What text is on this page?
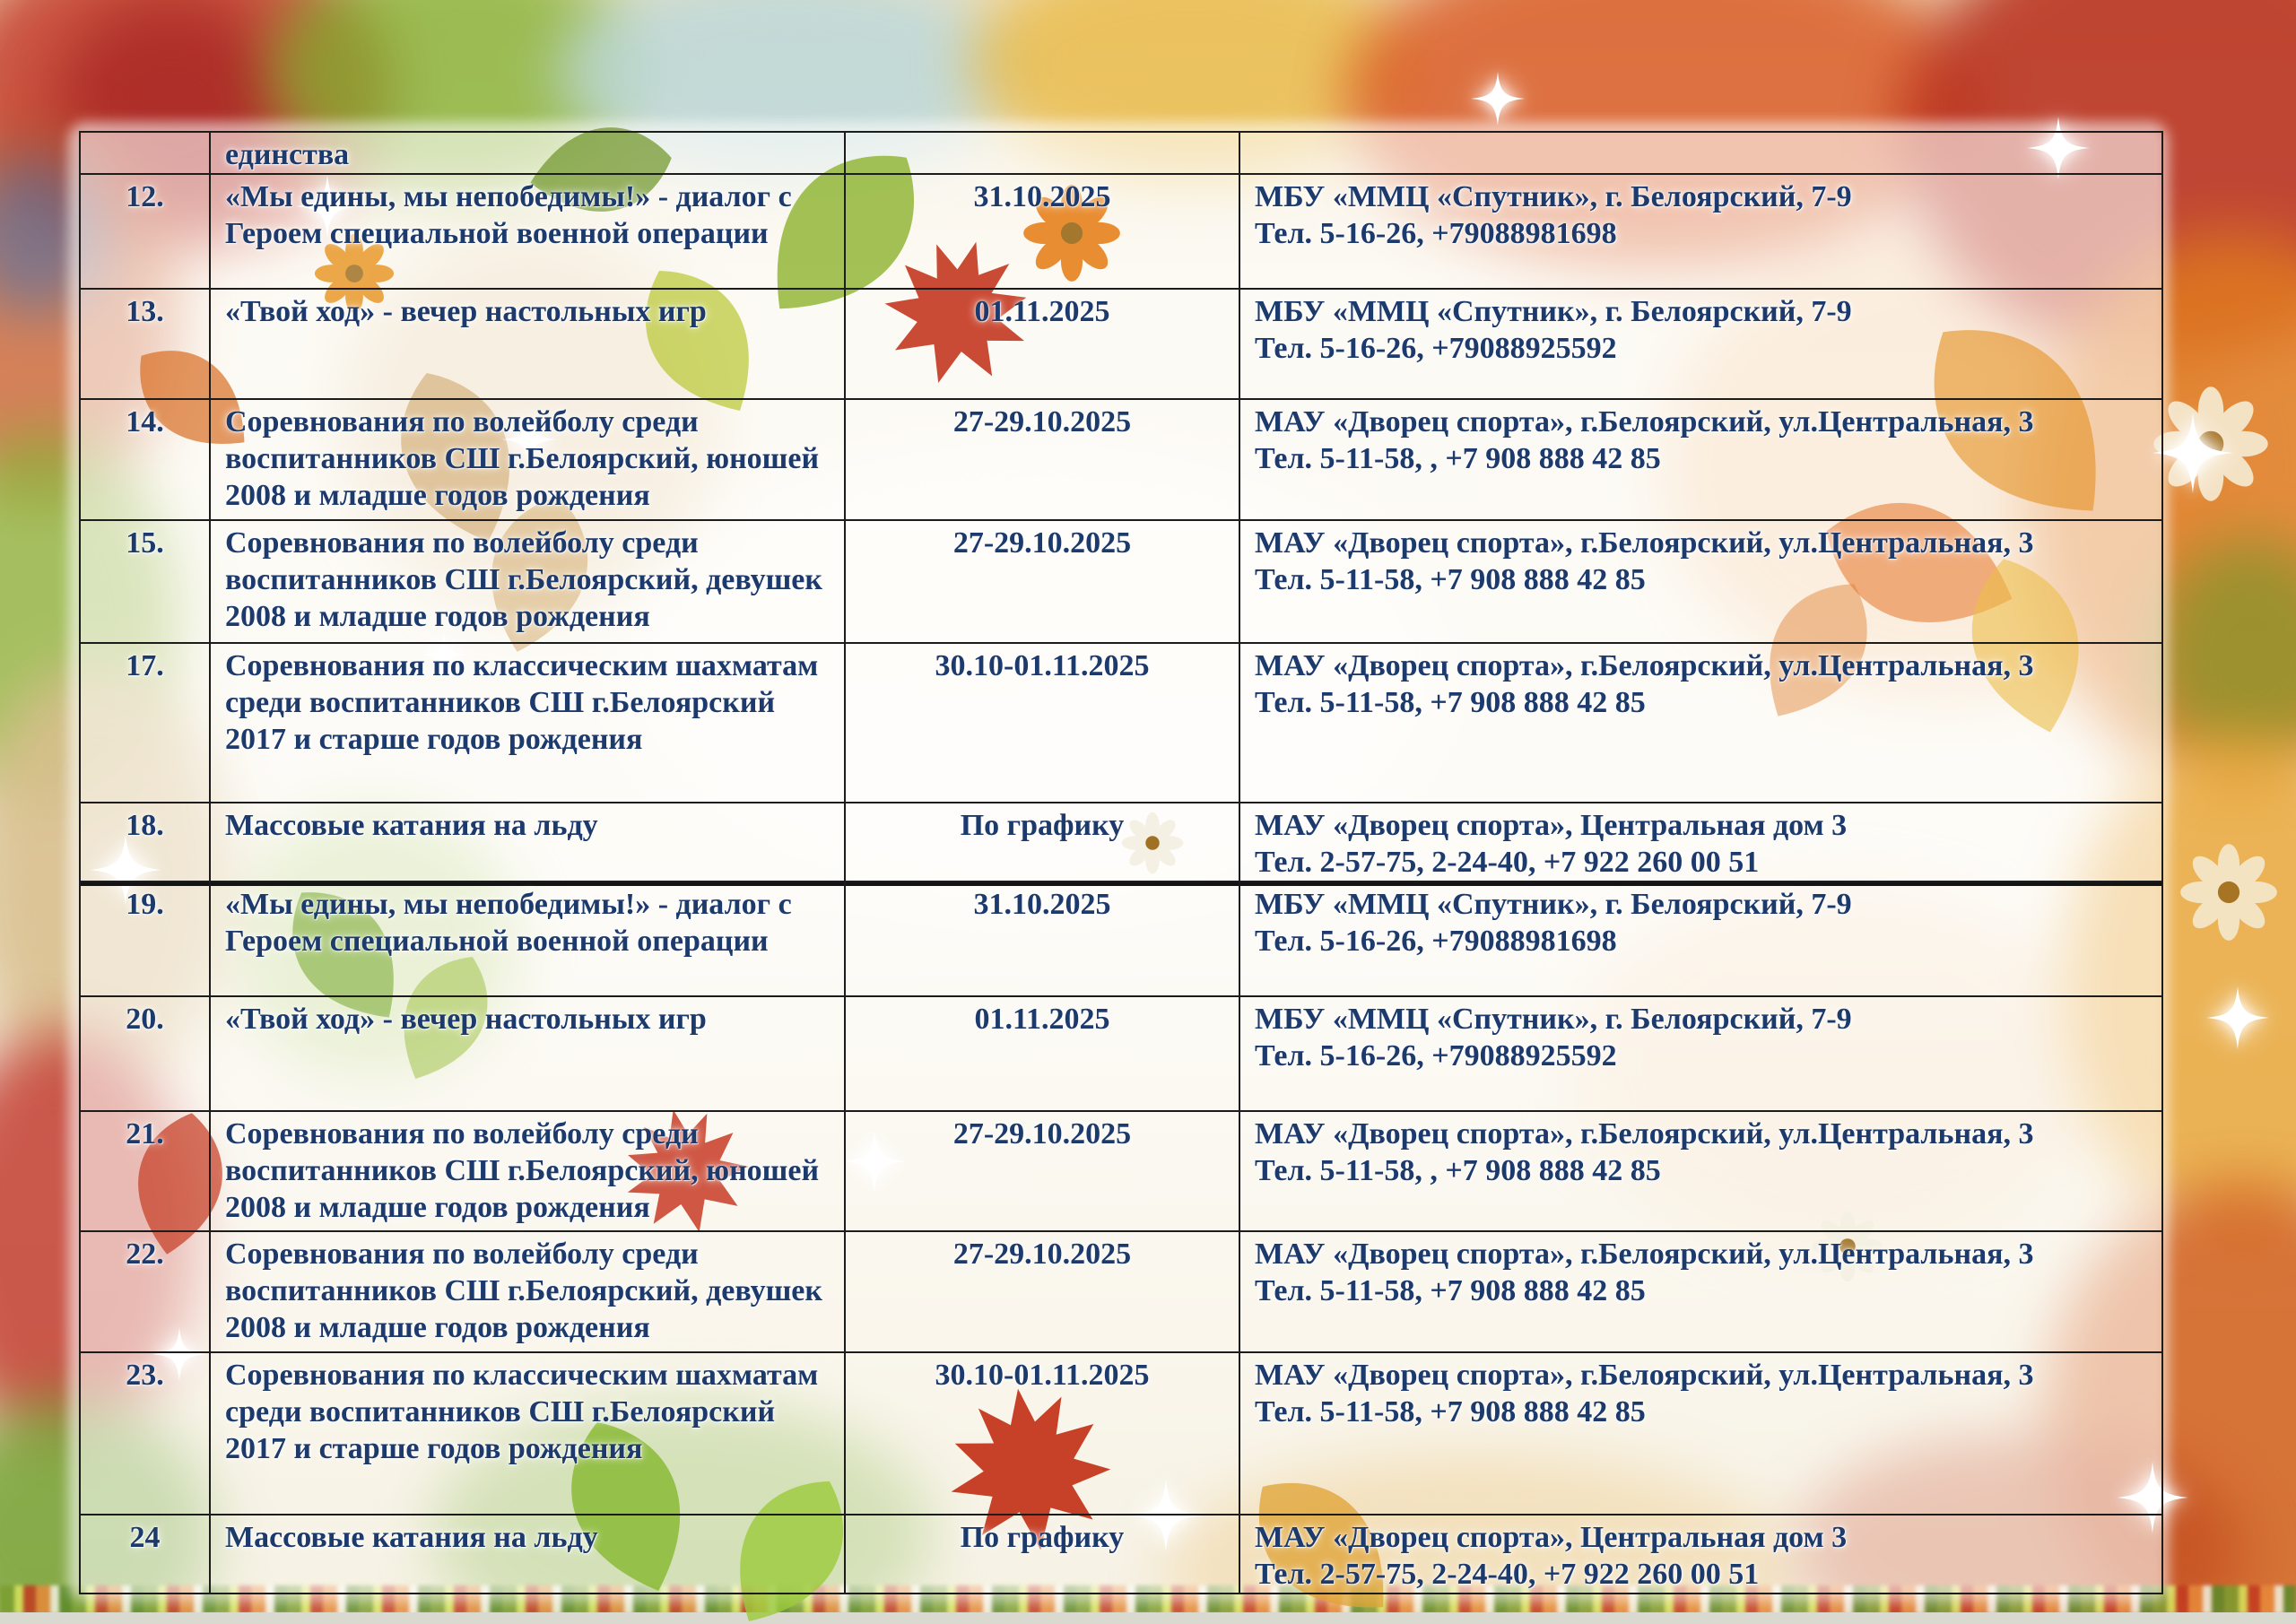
	единства		
12.	«Мы едины, мы непобедимы!» - диалог с Героем специальной военной операции	31.10.2025	МБУ «ММЦ «Спутник», г. Белоярский, 7-9
Тел. 5-16-26, +79088981698

13.	«Твой ход» - вечер настольных игр	01.11.2025	МБУ «ММЦ «Спутник», г. Белоярский, 7-9
Тел. 5-16-26, +79088925592

14.	Соревнования по волейболу среди воспитанников СШ г.Белоярский, юношей 2008 и младше годов рождения	27-29.10.2025	МАУ «Дворец спорта», г.Белоярский, ул.Центральная, 3
Тел. 5-11-58, , +7 908 888 42 85

15.	Соревнования по волейболу среди воспитанников СШ г.Белоярский, девушек 2008 и младше годов рождения	27-29.10.2025	МАУ «Дворец спорта», г.Белоярский, ул.Центральная, 3
Тел. 5-11-58, +7 908 888 42 85

17.	Соревнования по классическим шахматам среди воспитанников СШ г.Белоярский 2017 и старше годов рождения	30.10-01.11.2025	МАУ «Дворец спорта», г.Белоярский, ул.Центральная, 3
Тел. 5-11-58, +7 908 888 42 85

18.	Массовые катания на льду	По графику	МАУ «Дворец спорта», Центральная дом 3
Тел. 2-57-75, 2-24-40, +7 922 260 00 51
19.	«Мы едины, мы непобедимы!» - диалог с Героем специальной военной операции	31.10.2025	МБУ «ММЦ «Спутник», г. Белоярский, 7-9
Тел. 5-16-26, +79088981698

20.	«Твой ход» - вечер настольных игр	01.11.2025	МБУ «ММЦ «Спутник», г. Белоярский, 7-9
Тел. 5-16-26, +79088925592

21.	Соревнования по волейболу среди воспитанников СШ г.Белоярский, юношей 2008 и младше годов рождения	27-29.10.2025	МАУ «Дворец спорта», г.Белоярский, ул.Центральная, 3
Тел. 5-11-58, , +7 908 888 42 85

22.	Соревнования по волейболу среди воспитанников СШ г.Белоярский, девушек 2008 и младше годов рождения	27-29.10.2025	МАУ «Дворец спорта», г.Белоярский, ул.Центральная, 3
Тел. 5-11-58, +7 908 888 42 85

23.	Соревнования по классическим шахматам среди воспитанников СШ г.Белоярский 2017 и старше годов рождения	30.10-01.11.2025	МАУ «Дворец спорта», г.Белоярский, ул.Центральная, 3
Тел. 5-11-58, +7 908 888 42 85

24	Массовые катания на льду	По графику	МАУ «Дворец спорта», Центральная дом 3
Тел. 2-57-75, 2-24-40, +7 922 260 00 51
